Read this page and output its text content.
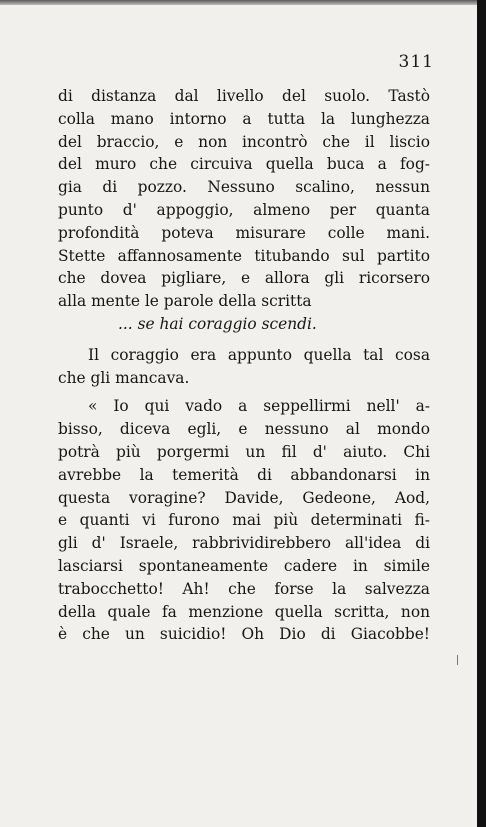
311
di distanza dal livello del suolo. Tastò
colla mano intorno a tutta la lunghezza
del braccio, e non incontrò che il liscio
del muro che circuiva quella buca a fog-
gia di pozzo. Nessuno scalino, nessun
punto d' appoggio, almeno per quanta
profondità poteva misurare colle mani.
Stette affannosamente titubando sul partito
che dovea pigliare, e allora gli ricorsero
alla mente le parole della scritta
... se hai coraggio scendi.
Il coraggio era appunto quella tal cosa
che gli mancava.
« Io qui vado a seppellirmi nell' a-
bisso, diceva egli, e nessuno al mondo
potrà più porgermi un fil d' aiuto. Chi
avrebbe la temerità di abbandonarsi in
questa voragine? Davide, Gedeone, Aod,
e quanti vi furono mai più determinati fi-
gli d' Israele, rabbrividirebbero all'idea di
lasciarsi spontaneamente cadere in simile
trabocchetto! Ah! che forse la salvezza
della quale fa menzione quella scritta, non
è che un suicidio! Oh Dio di Giacobbe!
